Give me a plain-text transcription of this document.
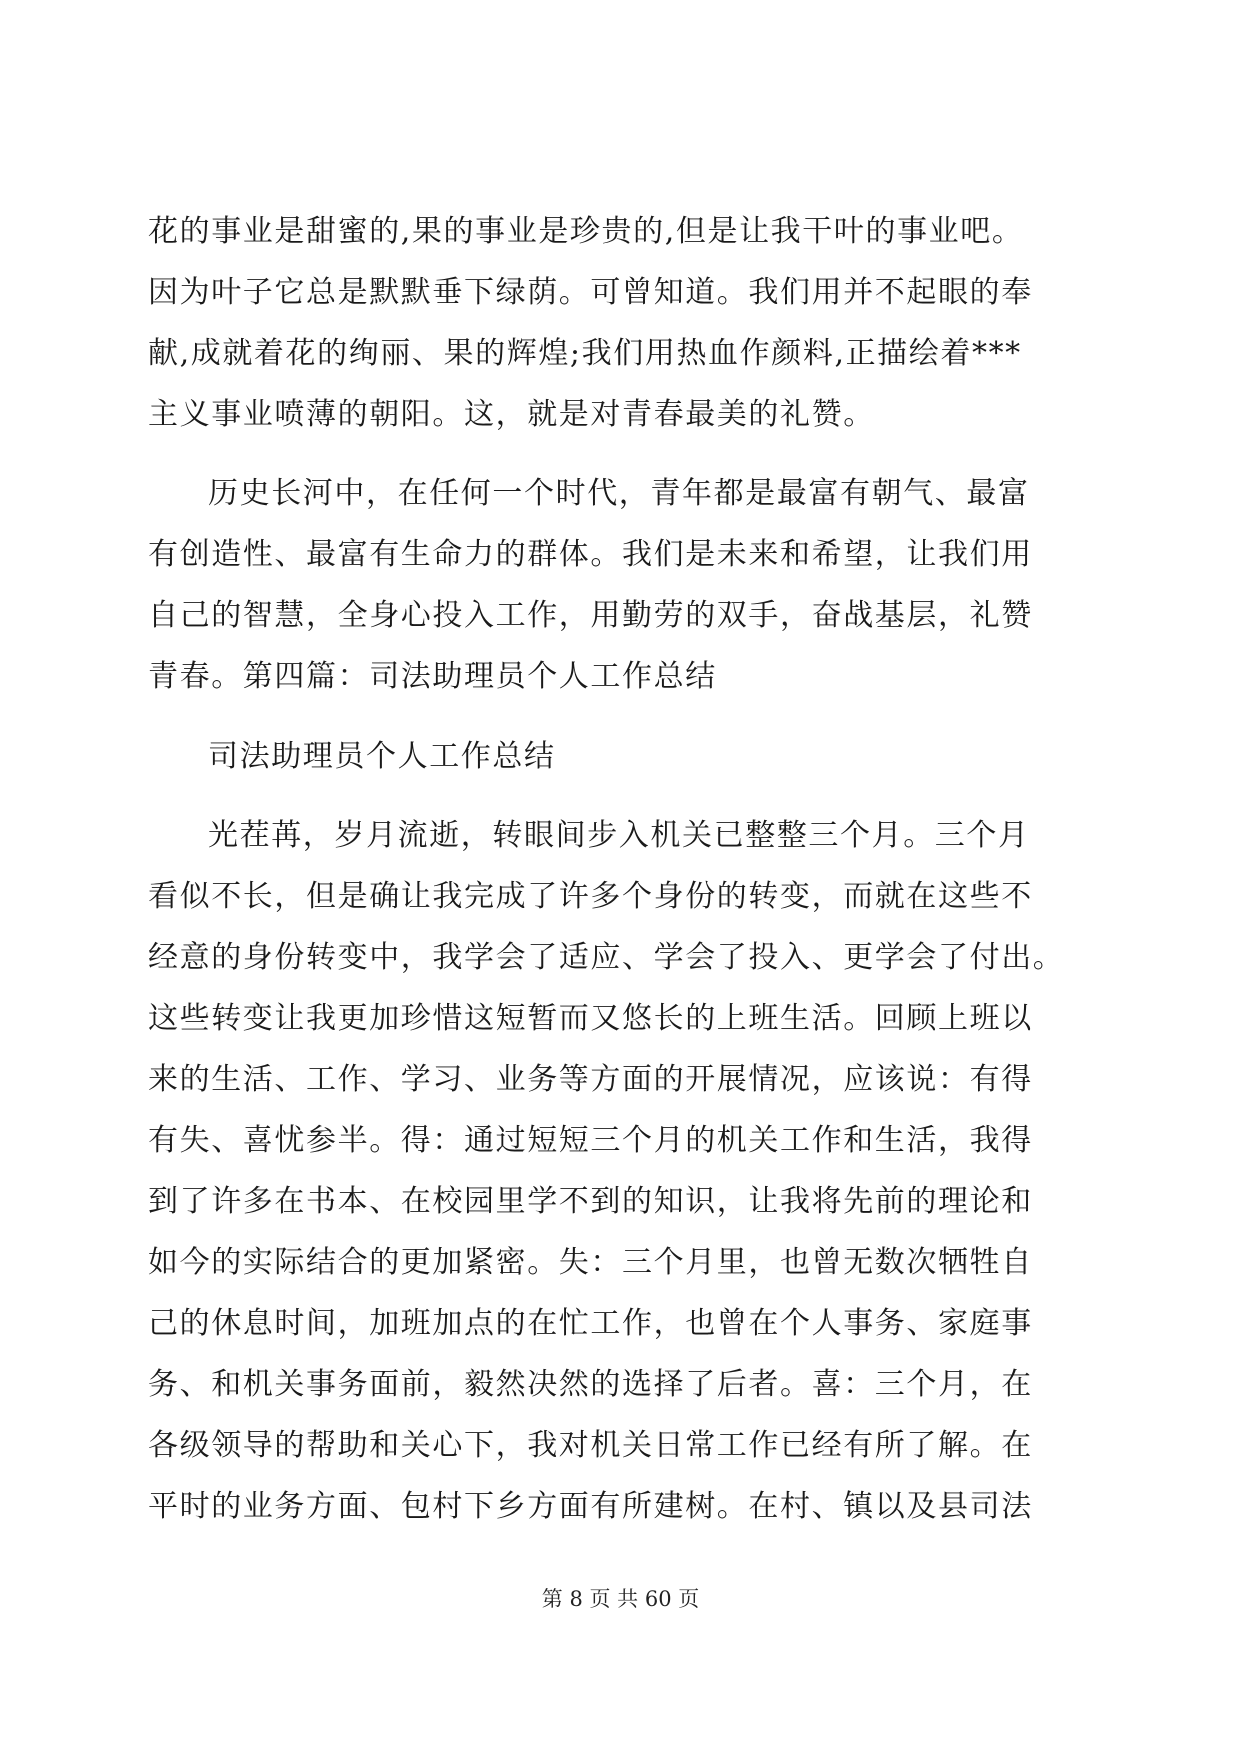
花的事业是甜蜜的,果的事业是珍贵的,但是让我干叶的事业吧。
因为叶子它总是默默垂下绿荫。可曾知道。我们用并不起眼的奉
献,成就着花的绚丽、果的辉煌;我们用热血作颜料,正描绘着***
主义事业喷薄的朝阳。这，就是对青春最美的礼赞。
历史长河中，在任何一个时代，青年都是最富有朝气、最富
有创造性、最富有生命力的群体。我们是未来和希望，让我们用
自己的智慧，全身心投入工作，用勤劳的双手，奋战基层，礼赞
青春。第四篇：司法助理员个人工作总结
司法助理员个人工作总结
光茬苒，岁月流逝，转眼间步入机关已整整三个月。三个月
看似不长，但是确让我完成了许多个身份的转变，而就在这些不
经意的身份转变中，我学会了适应、学会了投入、更学会了付出。
这些转变让我更加珍惜这短暂而又悠长的上班生活。回顾上班以
来的生活、工作、学习、业务等方面的开展情况，应该说：有得
有失、喜忧参半。得：通过短短三个月的机关工作和生活，我得
到了许多在书本、在校园里学不到的知识，让我将先前的理论和
如今的实际结合的更加紧密。失：三个月里，也曾无数次牺牲自
己的休息时间，加班加点的在忙工作，也曾在个人事务、家庭事
务、和机关事务面前，毅然决然的选择了后者。喜：三个月，在
各级领导的帮助和关心下，我对机关日常工作已经有所了解。在
平时的业务方面、包村下乡方面有所建树。在村、镇以及县司法
第 8 页 共 60 页
